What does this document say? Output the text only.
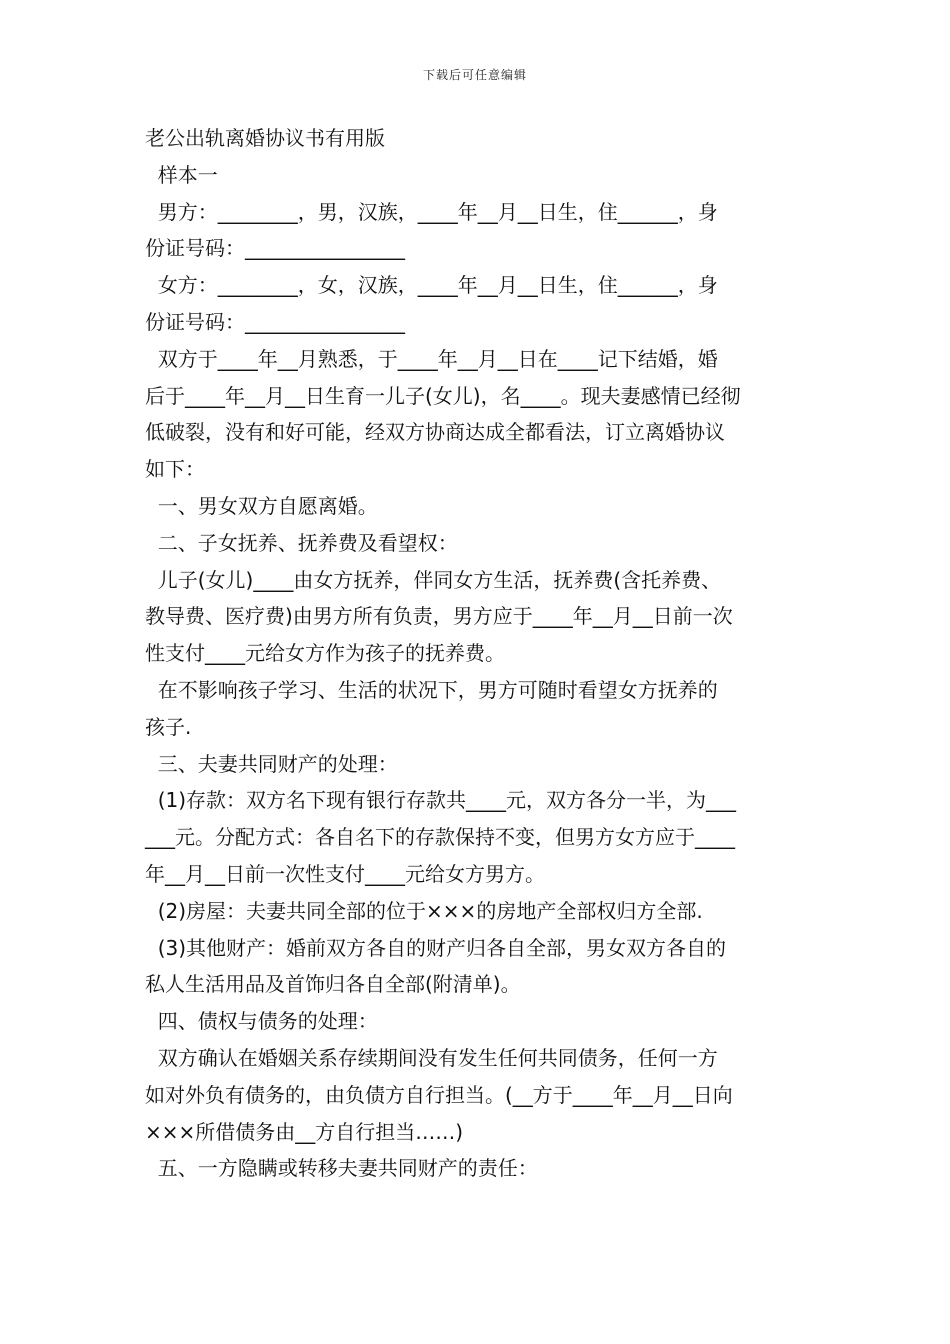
下载后可任意编辑
老公出轨离婚协议书有用版
样本一
男方：________，男，汉族，____年__月__日生，住______，身
份证号码：________________
女方：________，女，汉族，____年__月__日生，住______，身
份证号码：________________
双方于____年__月熟悉，于____年__月__日在____记下结婚，婚
后于____年__月__日生育一儿子(女儿)，名____。现夫妻感情已经彻
低破裂，没有和好可能，经双方协商达成全都看法，订立离婚协议
如下：
一、男女双方自愿离婚。
二、子女抚养、抚养费及看望权：
儿子(女儿)____由女方抚养，伴同女方生活，抚养费(含托养费、
教导费、医疗费)由男方所有负责，男方应于____年__月__日前一次
性支付____元给女方作为孩子的抚养费。
在不影响孩子学习、生活的状况下，男方可随时看望女方抚养的
孩子.
三、夫妻共同财产的处理：
(1)存款：双方名下现有银行存款共____元，双方各分一半，为___
___元。分配方式：各自名下的存款保持不变，但男方女方应于____
年__月__日前一次性支付____元给女方男方。
(2)房屋：夫妻共同全部的位于×××的房地产全部权归方全部.
(3)其他财产：婚前双方各自的财产归各自全部，男女双方各自的
私人生活用品及首饰归各自全部(附清单)。
四、债权与债务的处理：
双方确认在婚姻关系存续期间没有发生任何共同债务，任何一方
如对外负有债务的，由负债方自行担当。(__方于____年__月__日向
×××所借债务由__方自行担当……)
五、一方隐瞒或转移夫妻共同财产的责任：
